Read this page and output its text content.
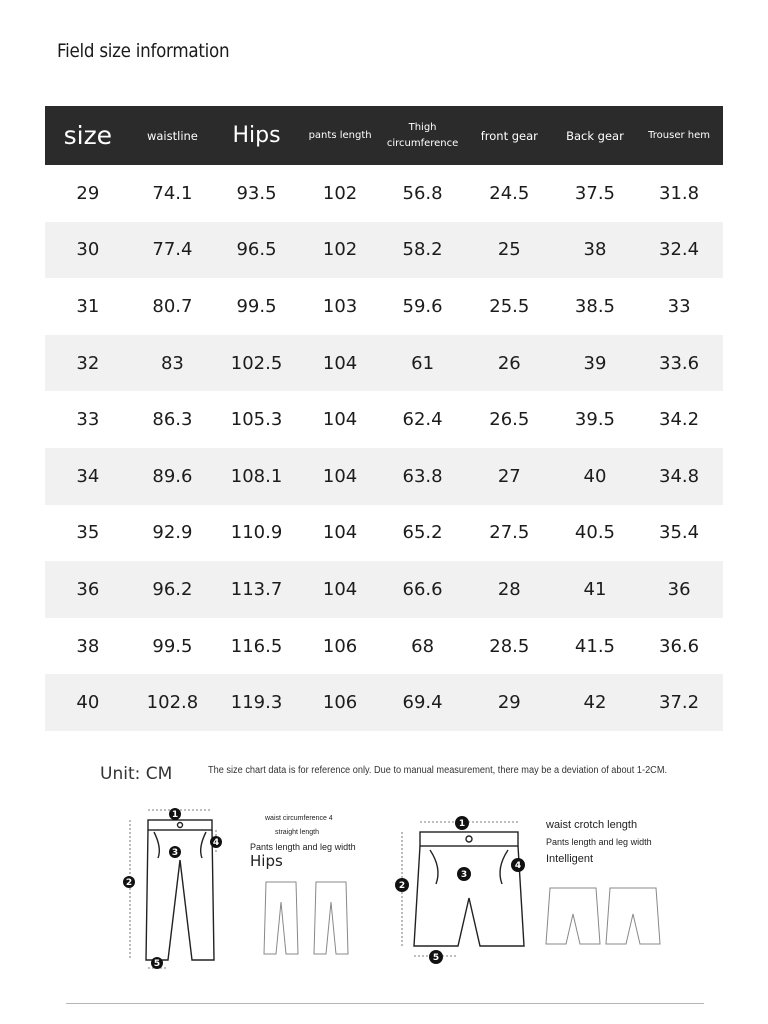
Field size information
size	waistline	Hips	pants length	Thigh circumference	front gear	Back gear	Trouser hem
29	74.1	93.5	102	56.8	24.5	37.5	31.8
30	77.4	96.5	102	58.2	25	38	32.4
31	80.7	99.5	103	59.6	25.5	38.5	33
32	83	102.5	104	61	26	39	33.6
33	86.3	105.3	104	62.4	26.5	39.5	34.2
34	89.6	108.1	104	63.8	27	40	34.8
35	92.9	110.9	104	65.2	27.5	40.5	35.4
36	96.2	113.7	104	66.6	28	41	36
38	99.5	116.5	106	68	28.5	41.5	36.6
40	102.8	119.3	106	69.4	29	42	37.2
Unit: CM	The size chart data is for reference only. Due to manual measurement, there may be a deviation of about 1-2CM.
1
2
3
4
5
waist circumference 4
straight length
Pants length and leg width
Hips
1
2
3
4
5
waist crotch length
Pants length and leg width
Intelligent
